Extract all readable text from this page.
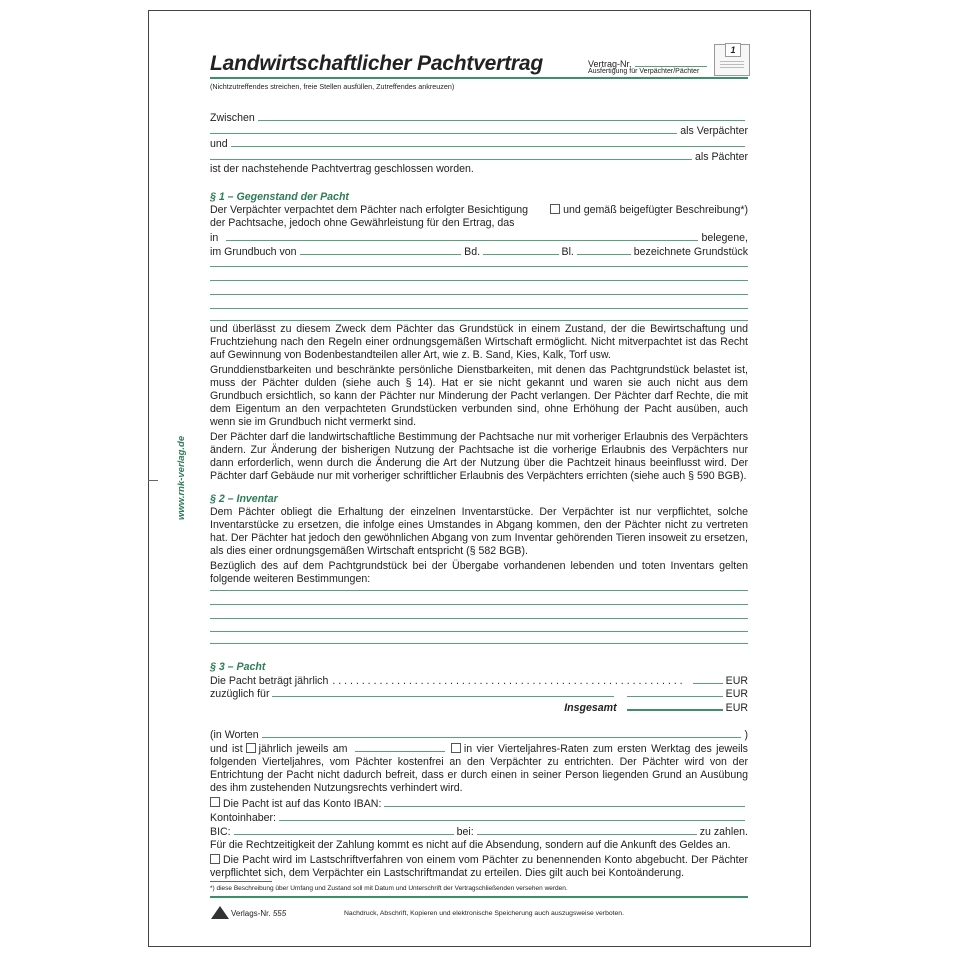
www.rnk-verlag.de
Landwirtschaftlicher Pachtvertrag	Vertrag-Nr.
Ausfertigung für Verpächter/Pächter
1
(Nichtzutreffendes streichen, freie Stellen ausfüllen, Zutreffendes ankreuzen)
Zwischen
als Verpächter
und
als Pächter
ist der nachstehende Pachtvertrag geschlossen worden.
§ 1 – Gegenstand der Pacht
Der Verpächter verpachtet dem Pächter nach erfolgter Besichtigung	und gemäß beigefügter Beschreibung*)
der Pachtsache, jedoch ohne Gewährleistung für den Ertrag, das
in	belegene,
im Grundbuch von	Bd.	Bl.	bezeichnete Grundstück
und überlässt zu diesem Zweck dem Pächter das Grundstück in einem Zustand, der die Bewirtschaftung und Fruchtziehung nach den Regeln einer ordnungsgemäßen Wirtschaft ermöglicht. Nicht mitverpachtet ist das Recht auf Gewinnung von Bodenbestandteilen aller Art, wie z. B. Sand, Kies, Kalk, Torf usw.
Grunddienstbarkeiten und beschränkte persönliche Dienstbarkeiten, mit denen das Pachtgrundstück belastet ist, muss der Pächter dulden (siehe auch § 14). Hat er sie nicht gekannt und waren sie auch nicht aus dem Grundbuch ersichtlich, so kann der Pächter nur Minderung der Pacht verlangen. Der Pächter darf Rechte, die mit dem Eigentum an den verpachteten Grundstücken verbunden sind, ohne Erhöhung der Pacht ausüben, auch wenn sie im Grundbuch nicht vermerkt sind.
Der Pächter darf die landwirtschaftliche Bestimmung der Pachtsache nur mit vorheriger Erlaubnis des Verpächters ändern. Zur Änderung der bisherigen Nutzung der Pachtsache ist die vorherige Erlaubnis des Verpächters nur dann erforderlich, wenn durch die Änderung die Art der Nutzung über die Pachtzeit hinaus beeinflusst wird. Der Pächter darf Gebäude nur mit vorheriger schriftlicher Erlaubnis des Verpächters errichten (siehe auch § 590 BGB).
§ 2 – Inventar
Dem Pächter obliegt die Erhaltung der einzelnen Inventarstücke. Der Verpächter ist nur verpflichtet, solche Inventarstücke zu ersetzen, die infolge eines Umstandes in Abgang kommen, den der Pächter nicht zu vertreten hat. Der Pächter hat jedoch den gewöhnlichen Abgang von zum Inventar gehörenden Tieren insoweit zu ersetzen, als dies einer ordnungsgemäßen Wirtschaft entspricht (§ 582 BGB).
Bezüglich des auf dem Pachtgrundstück bei der Übergabe vorhandenen lebenden und toten Inventars gelten folgende weiteren Bestimmungen:
§ 3 – Pacht
Die Pacht beträgt jährlich . . . . . . . . . . . . . . . . . . . . . . . . . . . . . . . . . . . . . . . . . . . . . . . . . . . . . . . . . . . .	EUR
zuzüglich für	EUR
Insgesamt	EUR
(in Worten	)
und ist jährlich jeweils am	in vier Vierteljahres-Raten zum ersten Werktag des jeweils folgenden Vierteljahres, vom Pächter kostenfrei an den Verpächter zu entrichten. Der Pächter wird von der Entrichtung der Pacht nicht dadurch befreit, dass er durch einen in seiner Person liegenden Grund an Ausübung des ihm zustehenden Nutzungsrechts verhindert wird.
Die Pacht ist auf das Konto IBAN:
Kontoinhaber:
BIC:	bei:	zu zahlen.
Für die Rechtzeitigkeit der Zahlung kommt es nicht auf die Absendung, sondern auf die Ankunft des Geldes an.
Die Pacht wird im Lastschriftverfahren von einem vom Pächter zu benennenden Konto abgebucht. Der Pächter verpflichtet sich, dem Verpächter ein Lastschriftmandat zu erteilen. Dies gilt auch bei Kontoänderung.
*) diese Beschreibung über Umfang und Zustand soll mit Datum und Unterschrift der Vertragschließenden versehen werden.
Verlags-Nr. 555	Nachdruck, Abschrift, Kopieren und elektronische Speicherung auch auszugsweise verboten.
